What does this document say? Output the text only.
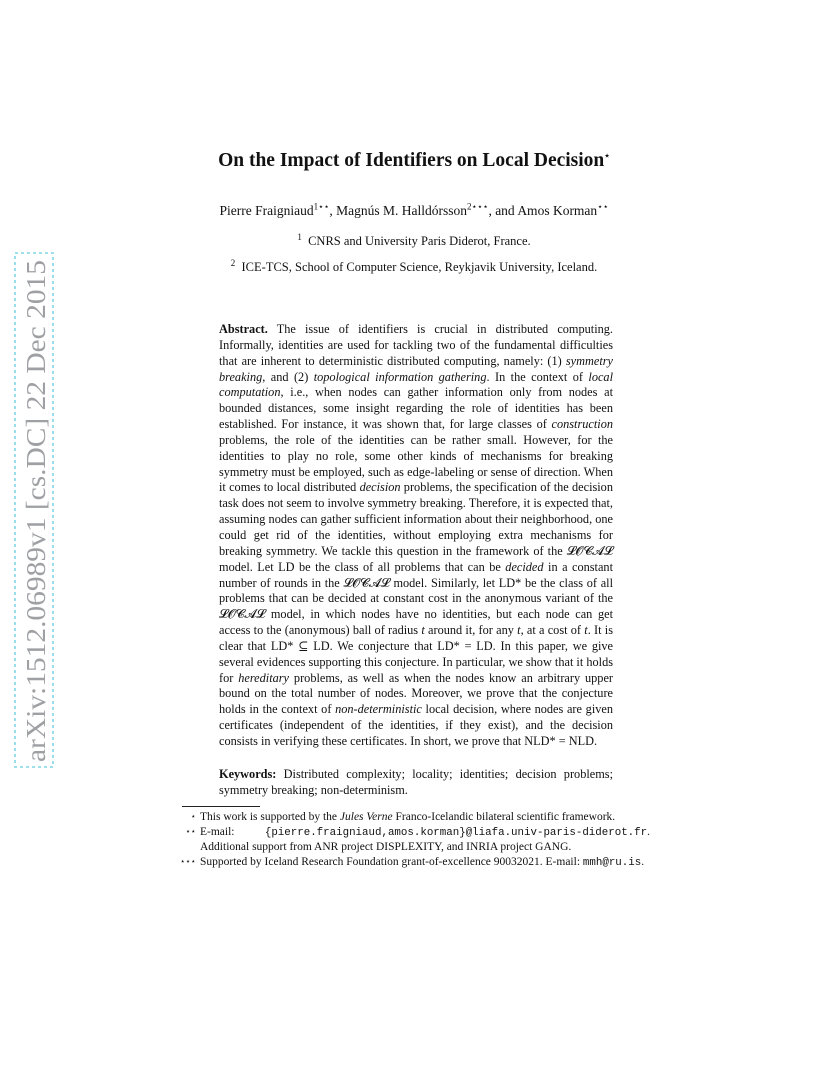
arXiv:1512.06989v1 [cs.DC] 22 Dec 2015
On the Impact of Identifiers on Local Decision⋆
Pierre Fraigniaud$^{1⋆⋆}$, Magnús M. Halldórsson$^{2⋆⋆⋆}$, and Amos Korman⋆⋆
$^1$ CNRS and University Paris Diderot, France.
$^2$ ICE-TCS, School of Computer Science, Reykjavik University, Iceland.
Abstract. The issue of identifiers is crucial in distributed computing. Informally, identities are used for tackling two of the fundamental difficulties that are inherent to deterministic distributed computing, namely: (1) symmetry breaking, and (2) topological information gathering. In the context of local computation, i.e., when nodes can gather information only from nodes at bounded distances, some insight regarding the role of identities has been established. For instance, it was shown that, for large classes of construction problems, the role of the identities can be rather small. However, for the identities to play no role, some other kinds of mechanisms for breaking symmetry must be employed, such as edge-labeling or sense of direction. When it comes to local distributed decision problems, the specification of the decision task does not seem to involve symmetry breaking. Therefore, it is expected that, assuming nodes can gather sufficient information about their neighborhood, one could get rid of the identities, without employing extra mechanisms for breaking symmetry. We tackle this question in the framework of the 𝓛𝓞𝓒𝓐𝓛 model. Let LD be the class of all problems that can be decided in a constant number of rounds in the 𝓛𝓞𝓒𝓐𝓛 model. Similarly, let LD* be the class of all problems that can be decided at constant cost in the anonymous variant of the 𝓛𝓞𝓒𝓐𝓛 model, in which nodes have no identities, but each node can get access to the (anonymous) ball of radius t around it, for any t, at a cost of t. It is clear that LD* ⊆ LD. We conjecture that LD* = LD. In this paper, we give several evidences supporting this conjecture. In particular, we show that it holds for hereditary problems, as well as when the nodes know an arbitrary upper bound on the total number of nodes. Moreover, we prove that the conjecture holds in the context of non-deterministic local decision, where nodes are given certificates (independent of the identities, if they exist), and the decision consists in verifying these certificates. In short, we prove that NLD* = NLD.
Keywords: Distributed complexity; locality; identities; decision problems; symmetry breaking; non-determinism.
⋆ This work is supported by the Jules Verne Franco-Icelandic bilateral scientific framework.
⋆⋆ E-mail: {pierre.fraigniaud,amos.korman}@liafa.univ-paris-diderot.fr. Additional support from ANR project DISPLEXITY, and INRIA project GANG.
⋆⋆⋆ Supported by Iceland Research Foundation grant-of-excellence 90032021. E-mail: mmh@ru.is.
